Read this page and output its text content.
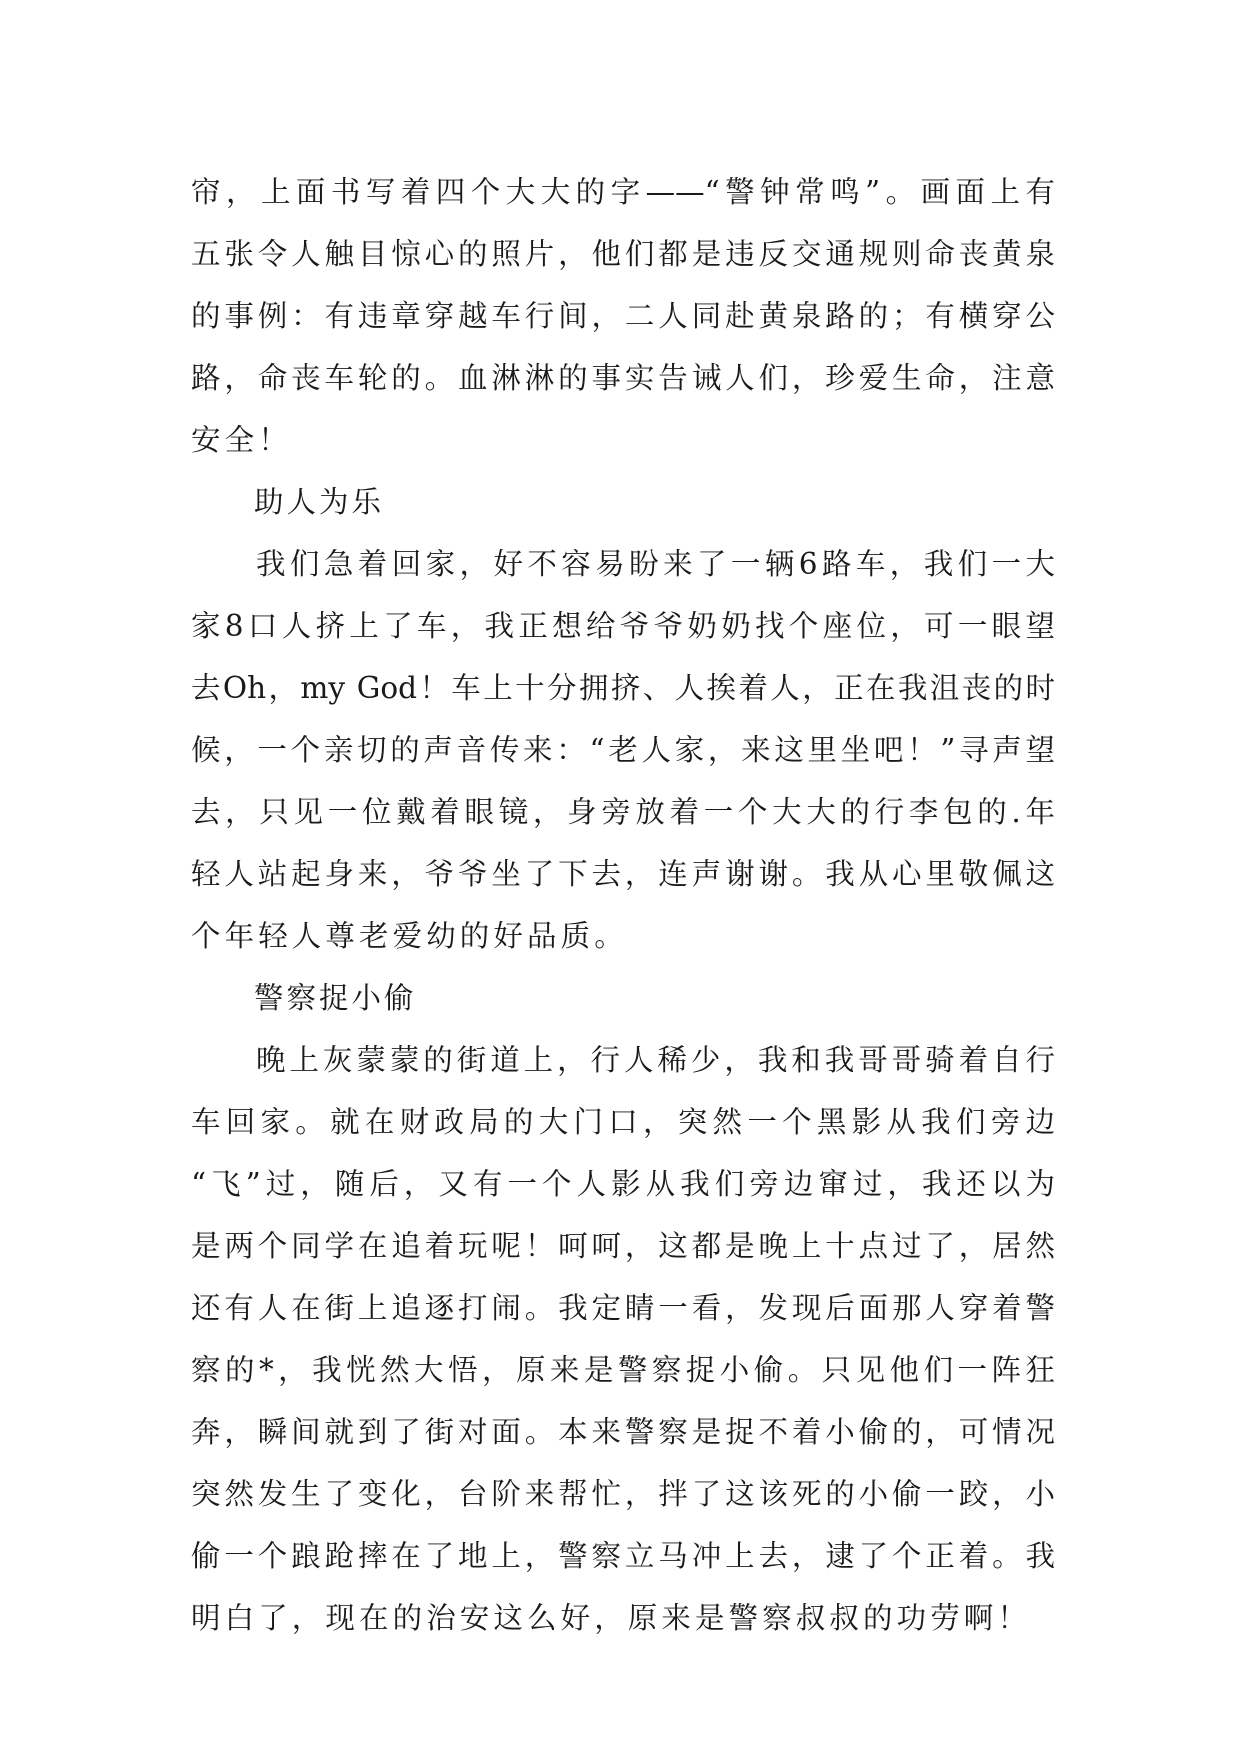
帘，上面书写着四个大大的字——“警钟常鸣”。画面上有
五张令人触目惊心的照片，他们都是违反交通规则命丧黄泉
的事例：有违章穿越车行间，二人同赴黄泉路的；有横穿公
路，命丧车轮的。血淋淋的事实告诫人们，珍爱生命，注意
安全！
助人为乐
我们急着回家，好不容易盼来了一辆6路车，我们一大
家8口人挤上了车，我正想给爷爷奶奶找个座位，可一眼望
去Oh，my God！车上十分拥挤、人挨着人，正在我沮丧的时
候，一个亲切的声音传来：“老人家，来这里坐吧！”寻声望
去，只见一位戴着眼镜，身旁放着一个大大的行李包的.年
轻人站起身来，爷爷坐了下去，连声谢谢。我从心里敬佩这
个年轻人尊老爱幼的好品质。
警察捉小偷
晚上灰蒙蒙的街道上，行人稀少，我和我哥哥骑着自行
车回家。就在财政局的大门口，突然一个黑影从我们旁边
“飞”过，随后，又有一个人影从我们旁边窜过，我还以为
是两个同学在追着玩呢！呵呵，这都是晚上十点过了，居然
还有人在街上追逐打闹。我定睛一看，发现后面那人穿着警
察的*，我恍然大悟，原来是警察捉小偷。只见他们一阵狂
奔，瞬间就到了街对面。本来警察是捉不着小偷的，可情况
突然发生了变化，台阶来帮忙，拌了这该死的小偷一跤，小
偷一个踉跄摔在了地上，警察立马冲上去，逮了个正着。我
明白了，现在的治安这么好，原来是警察叔叔的功劳啊！
